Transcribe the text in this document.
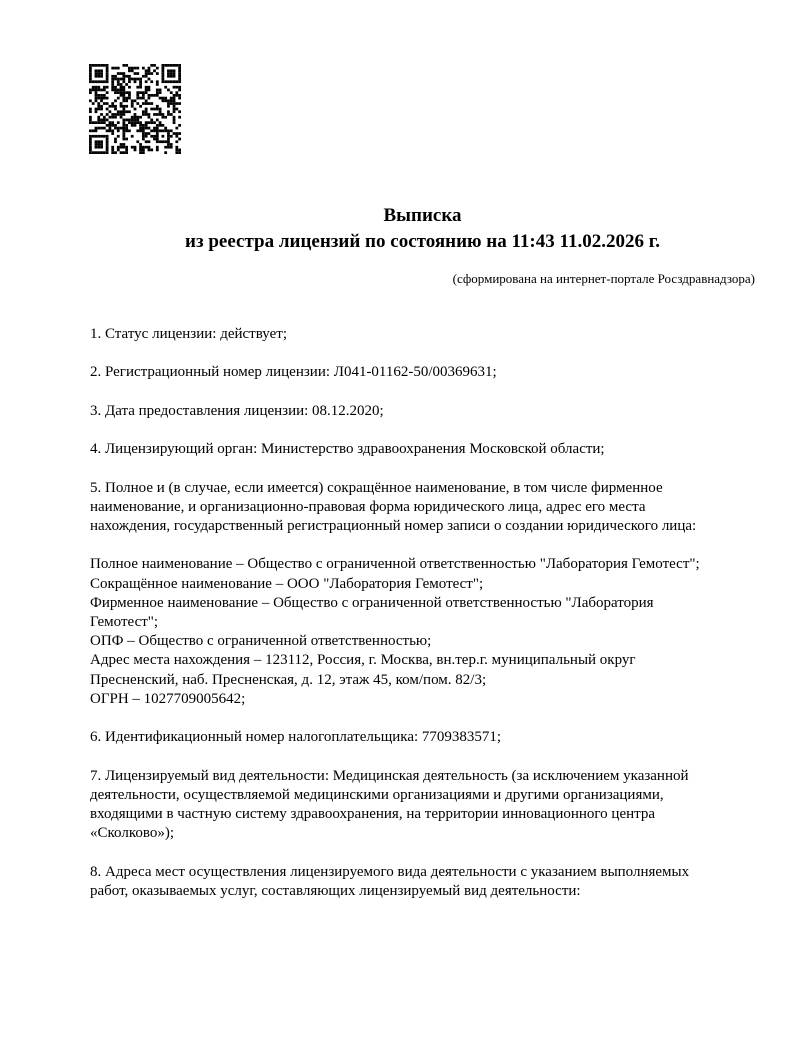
Выписка
из реестра лицензий по состоянию на 11:43 11.02.2026 г.
(сформирована на интернет-портале Росздравнадзора)
1. Статус лицензии: действует;
2. Регистрационный номер лицензии: Л041-01162-50/00369631;
3. Дата предоставления лицензии: 08.12.2020;
4. Лицензирующий орган: Министерство здравоохранения Московской области;
5. Полное и (в случае, если имеется) сокращённое наименование, в том числе фирменное
наименование, и организационно-правовая форма юридического лица, адрес его места
нахождения, государственный регистрационный номер записи о создании юридического лица:
Полное наименование – Общество с ограниченной ответственностью "Лаборатория Гемотест";
Сокращённое наименование – ООО "Лаборатория Гемотест";
Фирменное наименование – Общество с ограниченной ответственностью "Лаборатория
Гемотест";
ОПФ – Общество с ограниченной ответственностью;
Адрес места нахождения – 123112, Россия, г. Москва, вн.тер.г. муниципальный округ
Пресненский, наб. Пресненская, д. 12, этаж 45, ком/пом. 82/3;
ОГРН – 1027709005642;
6. Идентификационный номер налогоплательщика: 7709383571;
7. Лицензируемый вид деятельности: Медицинская деятельность (за исключением указанной
деятельности, осуществляемой медицинскими организациями и другими организациями,
входящими в частную систему здравоохранения, на территории инновационного центра
«Сколково»);
8. Адреса мест осуществления лицензируемого вида деятельности с указанием выполняемых
работ, оказываемых услуг, составляющих лицензируемый вид деятельности:
